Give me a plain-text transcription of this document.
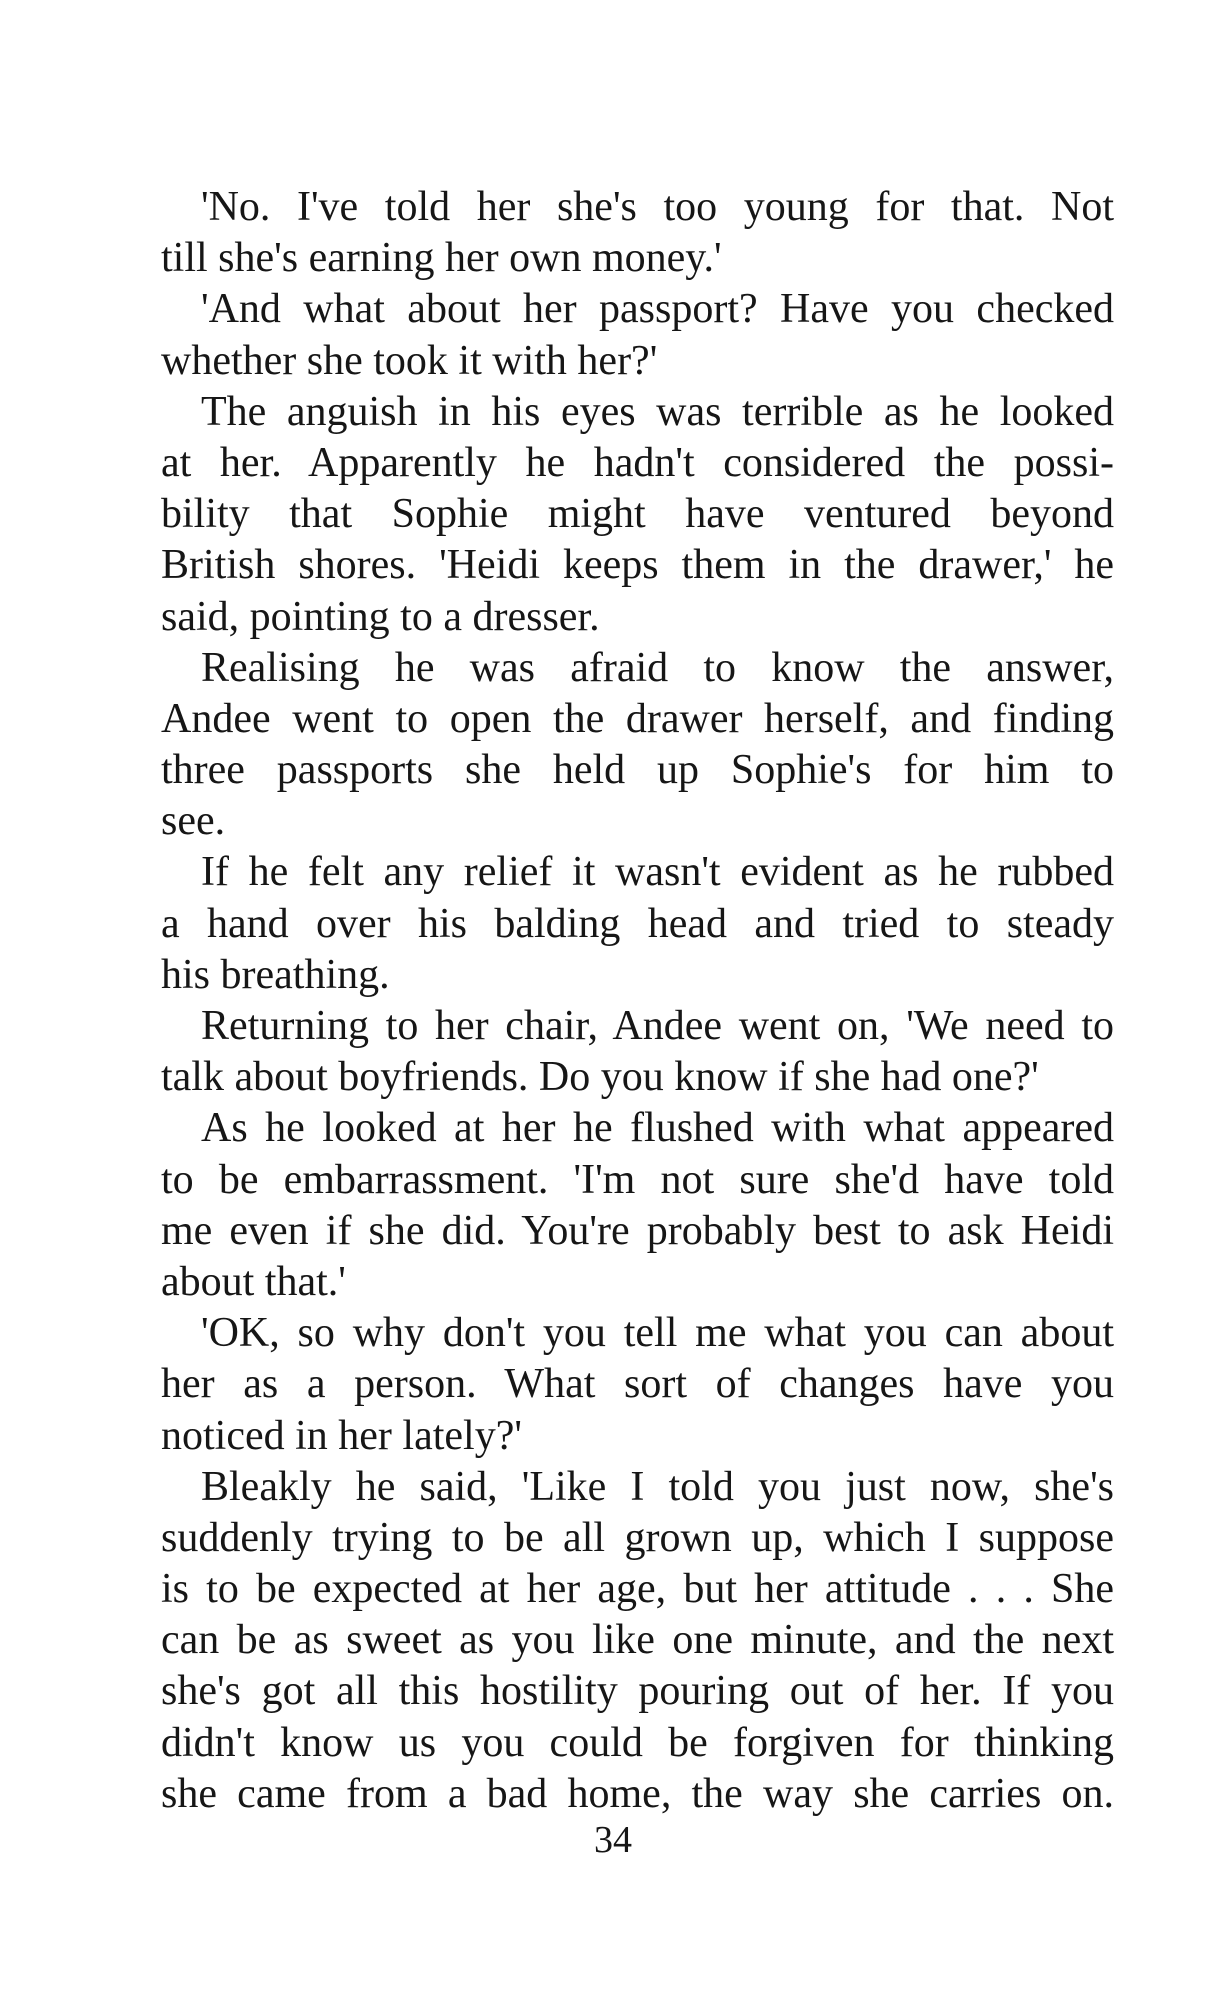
'No. I've told her she's too young for that. Not
till she's earning her own money.'
'And what about her passport? Have you checked
whether she took it with her?'
The anguish in his eyes was terrible as he looked
at her. Apparently he hadn't considered the possi-
bility that Sophie might have ventured beyond
British shores. 'Heidi keeps them in the drawer,' he
said, pointing to a dresser.
Realising he was afraid to know the answer,
Andee went to open the drawer herself, and finding
three passports she held up Sophie's for him to
see.
If he felt any relief it wasn't evident as he rubbed
a hand over his balding head and tried to steady
his breathing.
Returning to her chair, Andee went on, 'We need to
talk about boyfriends. Do you know if she had one?'
As he looked at her he flushed with what appeared
to be embarrassment. 'I'm not sure she'd have told
me even if she did. You're probably best to ask Heidi
about that.'
'OK, so why don't you tell me what you can about
her as a person. What sort of changes have you
noticed in her lately?'
Bleakly he said, 'Like I told you just now, she's
suddenly trying to be all grown up, which I suppose
is to be expected at her age, but her attitude . . . She
can be as sweet as you like one minute, and the next
she's got all this hostility pouring out of her. If you
didn't know us you could be forgiven for thinking
she came from a bad home, the way she carries on.
34
